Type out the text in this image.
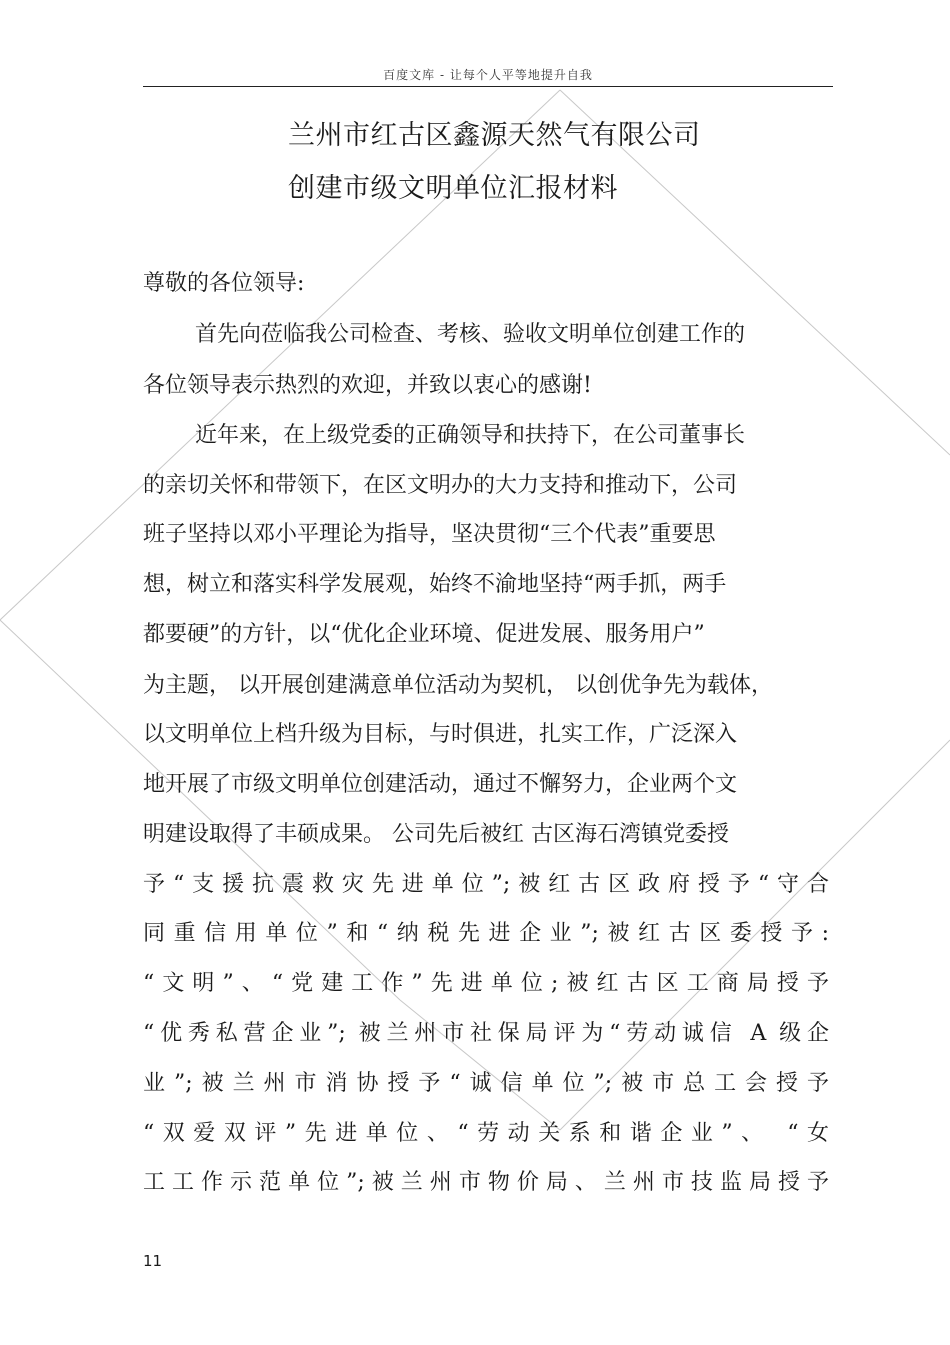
百度文库 - 让每个人平等地提升自我
兰州市红古区鑫源天然气有限公司
创建市级文明单位汇报材料
尊敬的各位领导:
首先向莅临我公司检查、考核、验收文明单位创建工作的
各位领导表示热烈的欢迎，并致以衷心的感谢!
近年来，在上级党委的正确领导和扶持下，在公司董事长
的亲切关怀和带领下，在区文明办的大力支持和推动下，公司
班子坚持以邓小平理论为指导，坚决贯彻“三个代表”重要思
想，树立和落实科学发展观，始终不渝地坚持“两手抓，两手
都要硬”的方针，以“优化企业环境、促进发展、服务用户”
为主题， 以开展创建满意单位活动为契机， 以创优争先为载体，
以文明单位上档升级为目标，与时俱进，扎实工作，广泛深入
地开展了市级文明单位创建活动，通过不懈努力，企业两个文
明建设取得了丰硕成果。 公司先后被红 古区海石湾镇党委授
予“支援抗震救灾先进单位”;被红古区政府授予“守合
同重信用单位”和“纳税先进企业”;被红古区委授予:
“文明”、“党建工作”先进单位;被红古区工商局授予
“优秀私营企业”; 被兰州市社保局评为“劳动诚信 A 级企
业”;被兰州市消协授予“诚信单位”;被市总工会授予
“双爱双评”先进单位、“劳动关系和谐企业”、 “女
工工作示范单位”;被兰州市物价局、兰州市技监局授予
11
